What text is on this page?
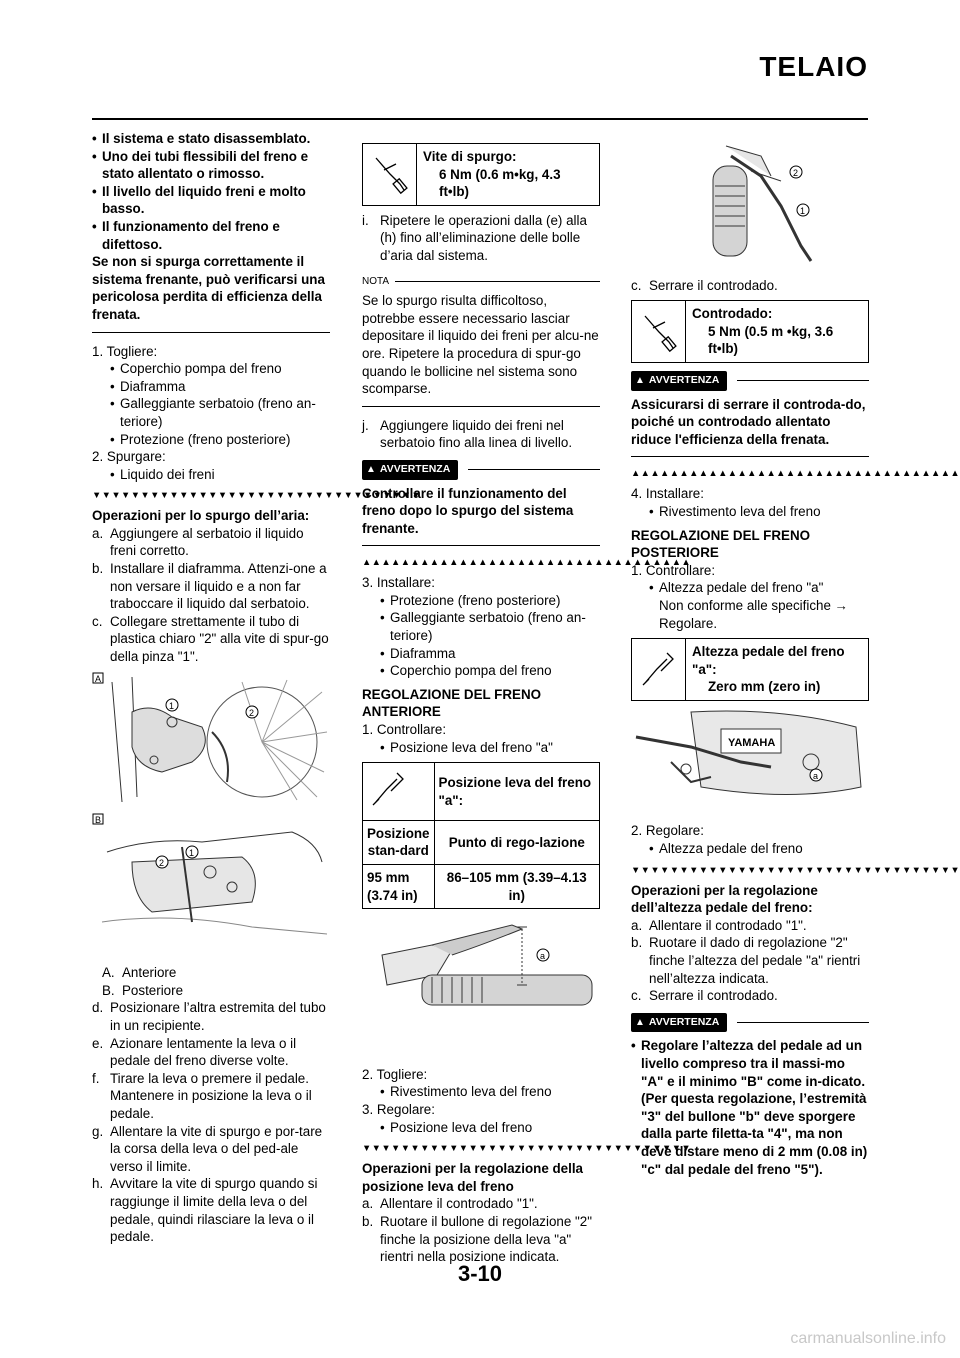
TELAIO
• Il sistema e stato disassemblato.
• Uno dei tubi flessibili del freno e stato allentato o rimosso.
• Il livello del liquido freni e molto basso.
• Il funzionamento del freno e difettoso.
Se non si spurga correttamente il sistema frenante, può verificarsi una pericolosa perdita di efficienza della frenata.
1. Togliere:
• Coperchio pompa del freno
• Diaframma
• Galleggiante serbatoio (freno an-teriore)
• Protezione (freno posteriore)
2. Spurgare:
• Liquido dei freni
▼▼▼▼▼▼▼▼▼▼▼▼▼▼▼▼▼▼▼▼▼▼▼▼▼▼▼▼▼▼▼▼▼▼
Operazioni per lo spurgo dell’aria:
a. Aggiungere al serbatoio il liquido freni corretto.
b. Installare il diaframma. Attenzi-one a non versare il liquido e a non far traboccare il liquido dal serbatoio.
c. Collegare strettamente il tubo di plastica chiaro "2" alla vite di spur-go della pinza "1".
A
1
2
B
2
1
A. Anteriore
B. Posteriore
d. Posizionare l’altra estremita del tubo in un recipiente.
e. Azionare lentamente la leva o il pedale del freno diverse volte.
f. Tirare la leva o premere il pedale. Mantenere in posizione la leva o il pedale.
g. Allentare la vite di spurgo e por-tare la corsa della leva o del ped-ale verso il limite.
h. Avvitare la vite di spurgo quando si raggiunge il limite della leva o del pedale, quindi rilasciare la leva o il pedale.
Vite di spurgo:
6 Nm (0.6 m•kg, 4.3 ft•lb)
i. Ripetere le operazioni dalla (e) alla (h) fino all’eliminazione delle bolle d’aria dal sistema.
NOTA
Se lo spurgo risulta difficoltoso, potrebbe essere necessario lasciar depositare il liquido dei freni per alcu-ne ore. Ripetere la procedura di spur-go quando le bollicine nel sistema sono scomparse.
j. Aggiungere liquido dei freni nel serbatoio fino alla linea di livello.
▲ AVVERTENZA
Controllare il funzionamento del freno dopo lo spurgo del sistema frenante.
▲▲▲▲▲▲▲▲▲▲▲▲▲▲▲▲▲▲▲▲▲▲▲▲▲▲▲▲▲▲▲▲▲▲
3. Installare:
• Protezione (freno posteriore)
• Galleggiante serbatoio (freno an-teriore)
• Diaframma
• Coperchio pompa del freno
REGOLAZIONE DEL FRENO ANTERIORE
1. Controllare:
• Posizione leva del freno "a"
	Posizione leva del freno "a":
Posizione stan-dard	Punto di rego-lazione
95 mm (3.74 in)	86–105 mm (3.39–4.13 in)
a
2. Togliere:
• Rivestimento leva del freno
3. Regolare:
• Posizione leva del freno
▼▼▼▼▼▼▼▼▼▼▼▼▼▼▼▼▼▼▼▼▼▼▼▼▼▼▼▼▼▼▼▼▼▼
Operazioni per la regolazione della posizione leva del freno
a. Allentare il controdado "1".
b. Ruotare il bullone di regolazione "2" finche la posizione della leva "a" rientri nella posizione indicata.
2
1
c. Serrare il controdado.
Controdado:
5 Nm (0.5 m •kg, 3.6 ft•lb)
▲ AVVERTENZA
Assicurarsi di serrare il controda-do, poiché un controdado allentato riduce l'efficienza della frenata.
▲▲▲▲▲▲▲▲▲▲▲▲▲▲▲▲▲▲▲▲▲▲▲▲▲▲▲▲▲▲▲▲▲▲
4. Installare:
• Rivestimento leva del freno
REGOLAZIONE DEL FRENO POSTERIORE
1. Controllare:
• Altezza pedale del freno "a"
Non conforme alle specifiche →
Regolare.
Altezza pedale del freno "a":
Zero mm (zero in)
YAMAHA
a
2. Regolare:
• Altezza pedale del freno
▼▼▼▼▼▼▼▼▼▼▼▼▼▼▼▼▼▼▼▼▼▼▼▼▼▼▼▼▼▼▼▼▼▼
Operazioni per la regolazione dell’altezza pedale del freno:
a. Allentare il controdado "1".
b. Ruotare il dado di regolazione "2" finche l’altezza del pedale "a" rientri nell’altezza indicata.
c. Serrare il controdado.
▲ AVVERTENZA
• Regolare l’altezza del pedale ad un livello compreso tra il massi-mo "A" e il minimo "B" come in-dicato. (Per questa regolazione, l’estremità "3" del bullone "b" deve sporgere dalla parte filetta-ta "4", ma non deve distare meno di 2 mm (0.08 in) "c" dal pedale del freno "5").
3-10
carmanualsonline.info
